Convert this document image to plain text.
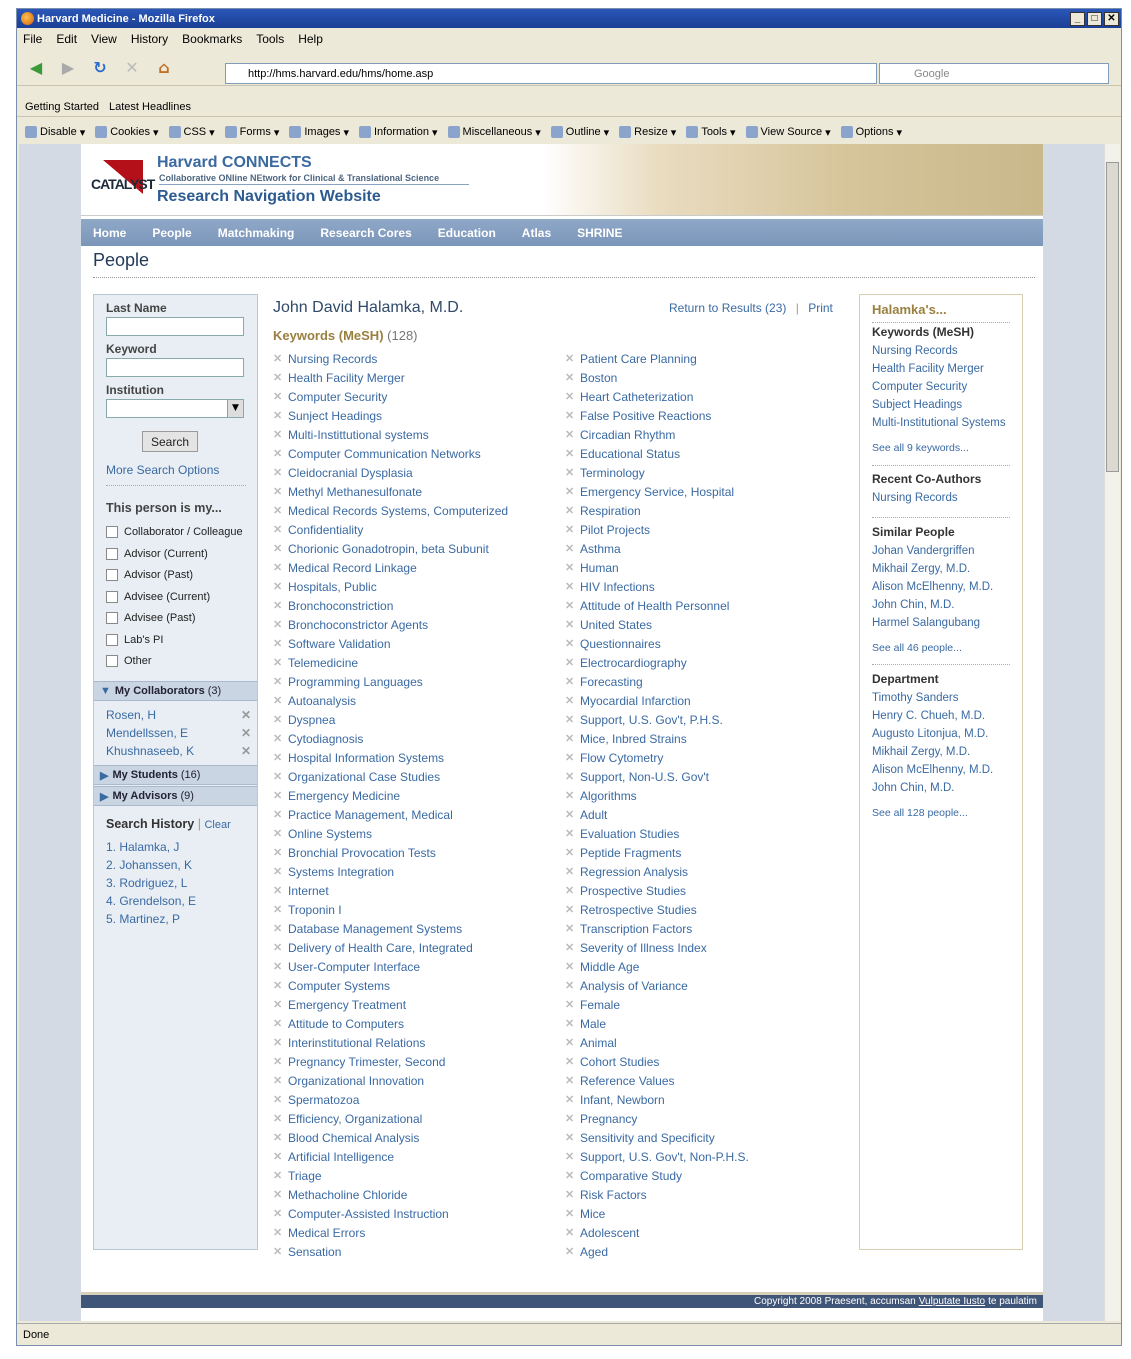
Harvard Medicine - Mozilla Firefox	_	□ ✕
File Edit View History Bookmarks Tools Help
◀	▶	↻	✕	⌂	http://hms.harvard.edu/hms/home.asp	Google
Getting Started Latest Headlines
Disable ▾ Cookies ▾ CSS ▾ Forms ▾ Images ▾ Information ▾ Miscellaneous ▾ Outline ▾ Resize ▾ Tools ▾ View Source ▾ Options ▾
CATALYST
Harvard CONNECTS
Collaborative ONline NEtwork for Clinical & Translational Science
Research Navigation Website
Home People Matchmaking Research Cores Education Atlas SHRINE
People
Last Name
Keyword
Institution
▼
Search
More Search Options
This person is my...
Collaborator / Colleague
Advisor (Current)
Advisor (Past)
Advisee (Current)
Advisee (Past)
Lab's PI
Other
▼ My Collaborators (3)
Rosen, H	✕
Mendellssen, E	✕
Khushnaseeb, K	✕
▶ My Students (16)
▶ My Advisors (9)
Search History | Clear
1. Halamka, J
2. Johanssen, K
3. Rodriguez, L
4. Grendelson, E
5. Martinez, P
John David Halamka, M.D.	Return to Results (23) | Print
Keywords (MeSH) (128)
✕ Nursing Records
✕ Health Facility Merger
✕ Computer Security
✕ Sunject Headings
✕ Multi-Instittutional systems
✕ Computer Communication Networks
✕ Cleidocranial Dysplasia
✕ Methyl Methanesulfonate
✕ Medical Records Systems, Computerized
✕ Confidentiality
✕ Chorionic Gonadotropin, beta Subunit
✕ Medical Record Linkage
✕ Hospitals, Public
✕ Bronchoconstriction
✕ Bronchoconstrictor Agents
✕ Software Validation
✕ Telemedicine
✕ Programming Languages
✕ Autoanalysis
✕ Dyspnea
✕ Cytodiagnosis
✕ Hospital Information Systems
✕ Organizational Case Studies
✕ Emergency Medicine
✕ Practice Management, Medical
✕ Online Systems
✕ Bronchial Provocation Tests
✕ Systems Integration
✕ Internet
✕ Troponin I
✕ Database Management Systems
✕ Delivery of Health Care, Integrated
✕ User-Computer Interface
✕ Computer Systems
✕ Emergency Treatment
✕ Attitude to Computers
✕ Interinstitutional Relations
✕ Pregnancy Trimester, Second
✕ Organizational Innovation
✕ Spermatozoa
✕ Efficiency, Organizational
✕ Blood Chemical Analysis
✕ Artificial Intelligence
✕ Triage
✕ Methacholine Chloride
✕ Computer-Assisted Instruction
✕ Medical Errors
✕ Sensation
✕ Patient Care Planning
✕ Boston
✕ Heart Catheterization
✕ False Positive Reactions
✕ Circadian Rhythm
✕ Educational Status
✕ Terminology
✕ Emergency Service, Hospital
✕ Respiration
✕ Pilot Projects
✕ Asthma
✕ Human
✕ HIV Infections
✕ Attitude of Health Personnel
✕ United States
✕ Questionnaires
✕ Electrocardiography
✕ Forecasting
✕ Myocardial Infarction
✕ Support, U.S. Gov't, P.H.S.
✕ Mice, Inbred Strains
✕ Flow Cytometry
✕ Support, Non-U.S. Gov't
✕ Algorithms
✕ Adult
✕ Evaluation Studies
✕ Peptide Fragments
✕ Regression Analysis
✕ Prospective Studies
✕ Retrospective Studies
✕ Transcription Factors
✕ Severity of Illness Index
✕ Middle Age
✕ Analysis of Variance
✕ Female
✕ Male
✕ Animal
✕ Cohort Studies
✕ Reference Values
✕ Infant, Newborn
✕ Pregnancy
✕ Sensitivity and Specificity
✕ Support, U.S. Gov't, Non-P.H.S.
✕ Comparative Study
✕ Risk Factors
✕ Mice
✕ Adolescent
✕ Aged
Halamka's...
Keywords (MeSH)
Nursing Records
Health Facility Merger
Computer Security
Subject Headings
Multi-Institutional Systems
See all 9 keywords...
Recent Co-Authors
Nursing Records
Similar People
Johan Vandergriffen
Mikhail Zergy, M.D.
Alison McElhenny, M.D.
John Chin, M.D.
Harmel Salangubang
See all 46 people...
Department
Timothy Sanders
Henry C. Chueh, M.D.
Augusto Litonjua, M.D.
Mikhail Zergy, M.D.
Alison McElhenny, M.D.
John Chin, M.D.
See all 128 people...
Copyright 2008 Praesent, accumsan Vulputate Iusto te paulatim
Done
